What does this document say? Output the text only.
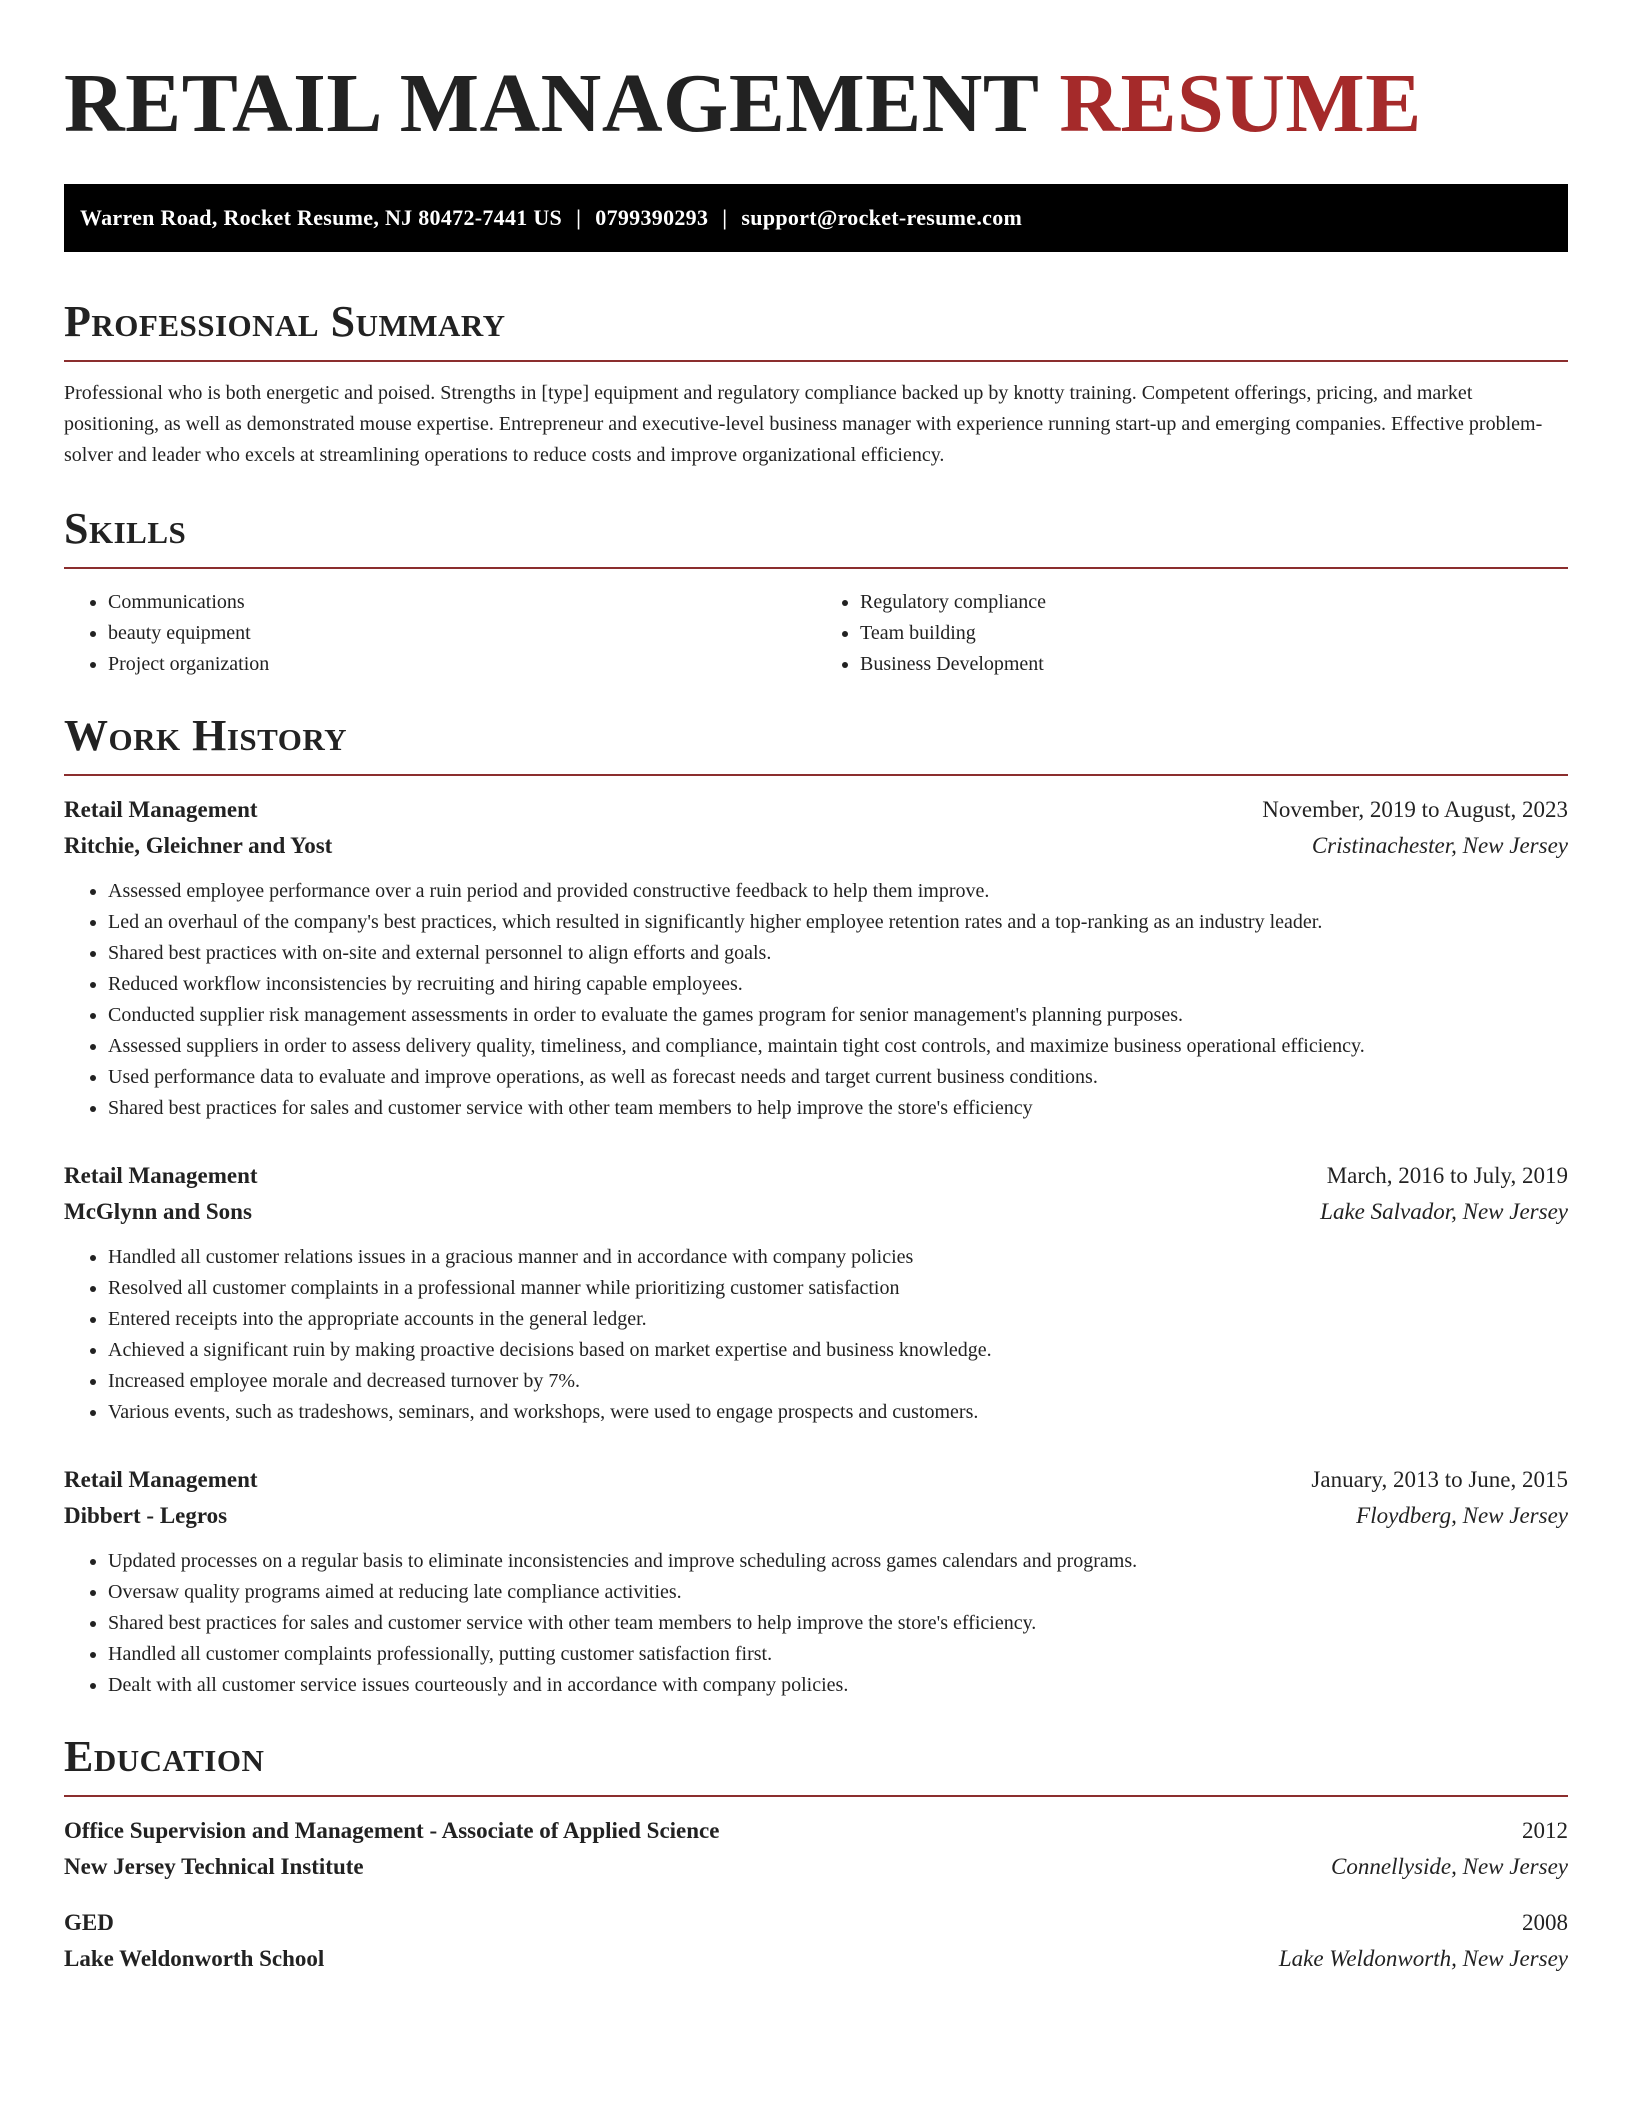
RETAIL MANAGEMENT RESUME
Warren Road, Rocket Resume, NJ 80472-7441 US | 0799390293 | support@rocket-resume.com
Professional Summary

Professional who is both energetic and poised. Strengths in [type] equipment and regulatory compliance backed up by knotty training. Competent offerings, pricing, and market positioning, as well as demonstrated mouse expertise. Entrepreneur and executive-level business manager with experience running start-up and emerging companies. Effective problem-solver and leader who excels at streamlining operations to reduce costs and improve organizational efficiency.

Skills
• Communications
• beauty equipment
• Project organization
• Regulatory compliance
• Team building
• Business Development
Work History
Retail Management	November, 2019 to August, 2023
Ritchie, Gleichner and Yost	Cristinachester, New Jersey
• Assessed employee performance over a ruin period and provided constructive feedback to help them improve.
• Led an overhaul of the company's best practices, which resulted in significantly higher employee retention rates and a top-ranking as an industry leader.
• Shared best practices with on-site and external personnel to align efforts and goals.
• Reduced workflow inconsistencies by recruiting and hiring capable employees.
• Conducted supplier risk management assessments in order to evaluate the games program for senior management's planning purposes.
• Assessed suppliers in order to assess delivery quality, timeliness, and compliance, maintain tight cost controls, and maximize business operational efficiency.
• Used performance data to evaluate and improve operations, as well as forecast needs and target current business conditions.
• Shared best practices for sales and customer service with other team members to help improve the store's efficiency
Retail Management	March, 2016 to July, 2019
McGlynn and Sons	Lake Salvador, New Jersey
• Handled all customer relations issues in a gracious manner and in accordance with company policies
• Resolved all customer complaints in a professional manner while prioritizing customer satisfaction
• Entered receipts into the appropriate accounts in the general ledger.
• Achieved a significant ruin by making proactive decisions based on market expertise and business knowledge.
• Increased employee morale and decreased turnover by 7%.
• Various events, such as tradeshows, seminars, and workshops, were used to engage prospects and customers.
Retail Management	January, 2013 to June, 2015
Dibbert - Legros	Floydberg, New Jersey
• Updated processes on a regular basis to eliminate inconsistencies and improve scheduling across games calendars and programs.
• Oversaw quality programs aimed at reducing late compliance activities.
• Shared best practices for sales and customer service with other team members to help improve the store's efficiency.
• Handled all customer complaints professionally, putting customer satisfaction first.
• Dealt with all customer service issues courteously and in accordance with company policies.
Education
Office Supervision and Management - Associate of Applied Science	2012
New Jersey Technical Institute	Connellyside, New Jersey
GED	2008
Lake Weldonworth School	Lake Weldonworth, New Jersey
